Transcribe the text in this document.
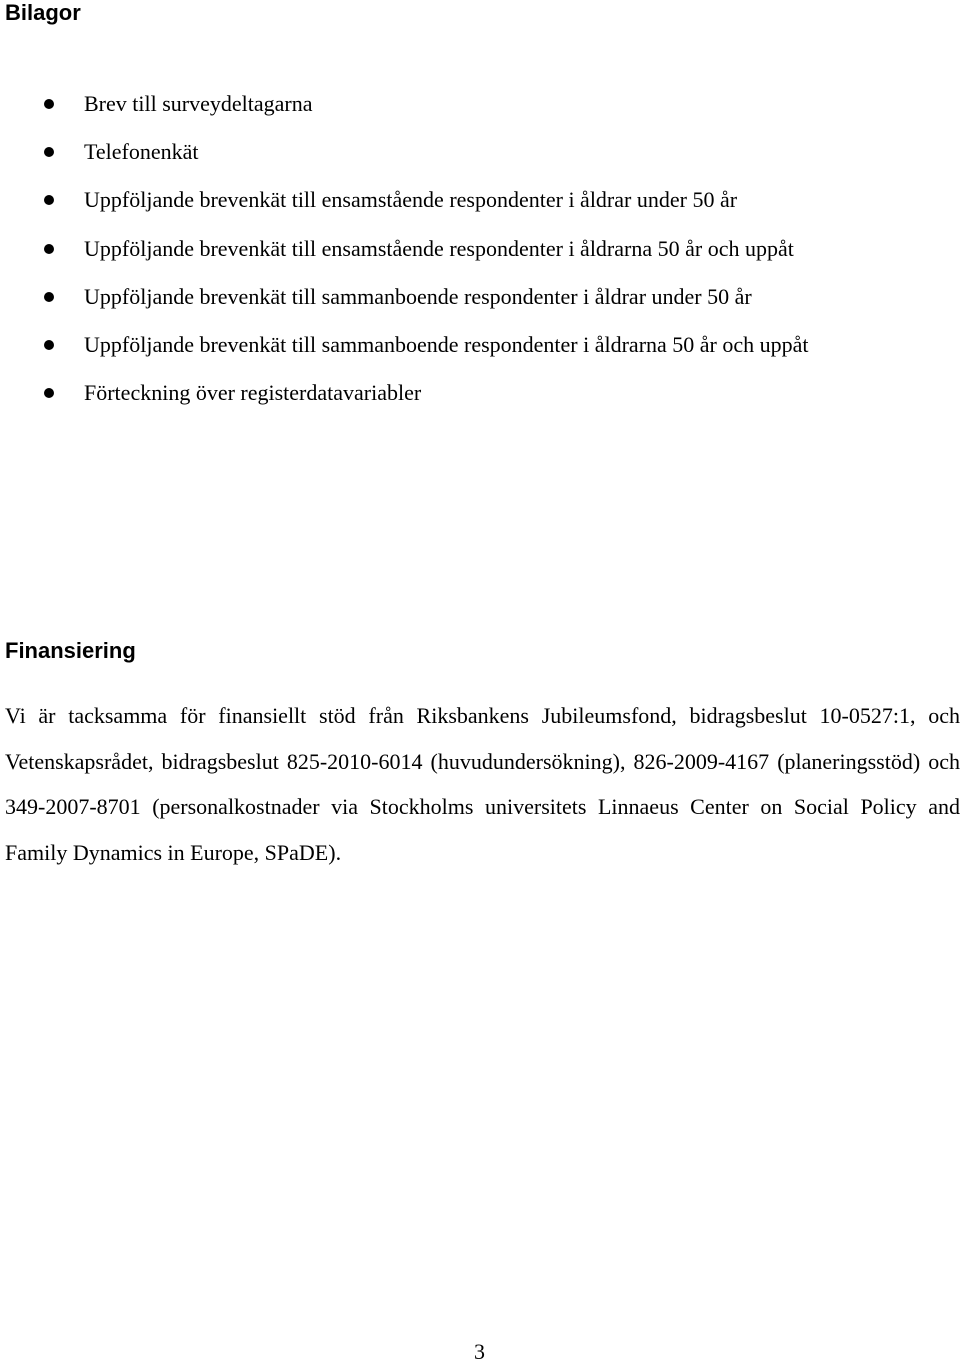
Bilagor
Brev till surveydeltagarna
Telefonenkät
Uppföljande brevenkät till ensamstående respondenter i åldrar under 50 år
Uppföljande brevenkät till ensamstående respondenter i åldrarna 50 år och uppåt
Uppföljande brevenkät till sammanboende respondenter i åldrar under 50 år
Uppföljande brevenkät till sammanboende respondenter i åldrarna 50 år och uppåt
Förteckning över registerdatavariabler
Finansiering

Vi är tacksamma för finansiellt stöd från Riksbankens Jubileumsfond, bidragsbeslut 10-0527:1, och Vetenskapsrådet, bidragsbeslut 825-2010-6014 (huvudundersökning), 826-2009-4167 (planeringsstöd) och 349-2007-8701 (personalkostnader via Stockholms universitets Linnaeus Center on Social Policy and Family Dynamics in Europe, SPaDE).

3
